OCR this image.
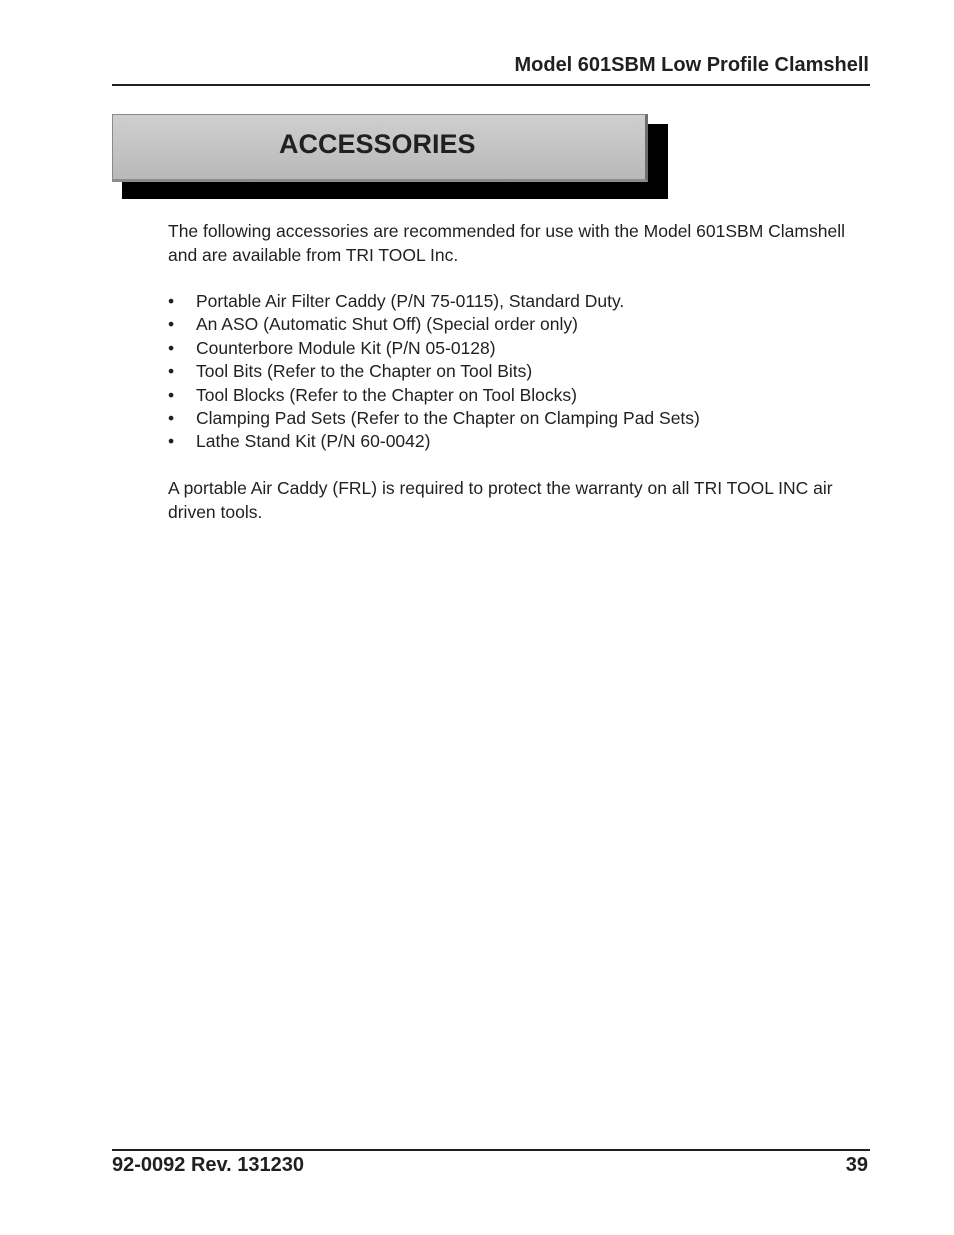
Model 601SBM Low Profile Clamshell
ACCESSORIES
The following accessories are recommended for use with the Model 601SBM Clamshell and are available from TRI TOOL Inc.
• Portable Air Filter Caddy (P/N 75-0115), Standard Duty.
• An ASO (Automatic Shut Off) (Special order only)
• Counterbore Module Kit (P/N 05-0128)
• Tool Bits (Refer to the Chapter on Tool Bits)
• Tool Blocks (Refer to the Chapter on Tool Blocks)
• Clamping Pad Sets (Refer to the Chapter on Clamping Pad Sets)
• Lathe Stand Kit (P/N 60-0042)
A portable Air Caddy (FRL) is required to protect the warranty on all TRI TOOL INC air driven tools.
92-0092 Rev. 131230	39
